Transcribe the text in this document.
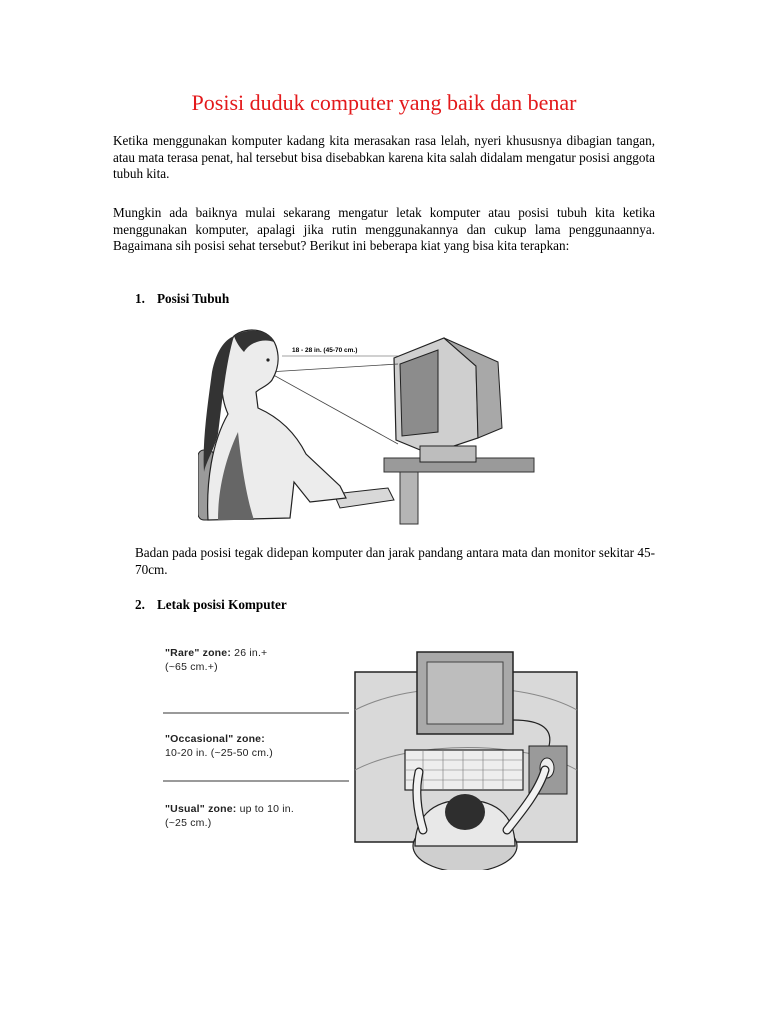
Posisi duduk computer yang baik dan benar

Ketika menggunakan komputer kadang kita merasakan rasa lelah, nyeri khususnya dibagian tangan, atau mata terasa penat, hal tersebut bisa disebabkan karena kita salah didalam mengatur posisi anggota tubuh kita.

Mungkin ada baiknya mulai sekarang mengatur letak komputer atau posisi tubuh kita ketika menggunakan komputer, apalagi jika rutin menggunakannya dan cukup lama penggunaannya. Bagaimana sih posisi sehat tersebut? Berikut ini beberapa kiat yang bisa kita terapkan:

1. Posisi Tubuh
18 - 28 in. (45-70 cm.)

Badan pada posisi tegak didepan komputer dan jarak pandang antara mata dan monitor sekitar 45-70cm.

2. Letak posisi Komputer
"Rare" zone: 26 in.+
(~65 cm.+)
"Occasional" zone:
10-20 in. (~25-50 cm.)
"Usual" zone: up to 10 in.
(~25 cm.)
